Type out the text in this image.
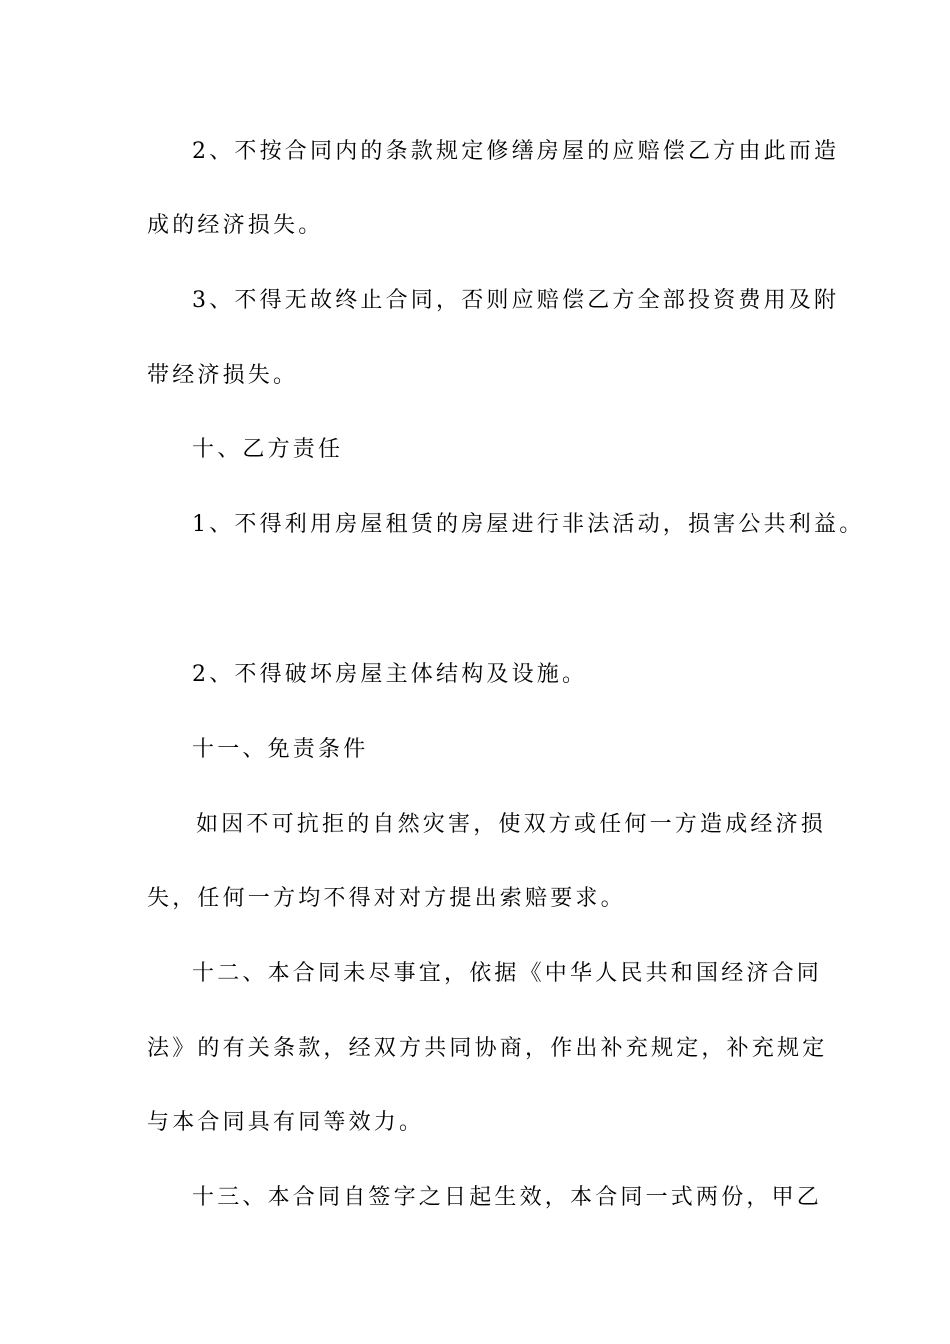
2、不按合同内的条款规定修缮房屋的应赔偿乙方由此而造
成的经济损失。
3、不得无故终止合同，否则应赔偿乙方全部投资费用及附
带经济损失。
十、乙方责任
1、不得利用房屋租赁的房屋进行非法活动，损害公共利益。
2、不得破坏房屋主体结构及设施。
十一、免责条件
如因不可抗拒的自然灾害，使双方或任何一方造成经济损
失，任何一方均不得对对方提出索赔要求。
十二、本合同未尽事宜，依据《中华人民共和国经济合同
法》的有关条款，经双方共同协商，作出补充规定，补充规定
与本合同具有同等效力。
十三、本合同自签字之日起生效，本合同一式两份，甲乙
